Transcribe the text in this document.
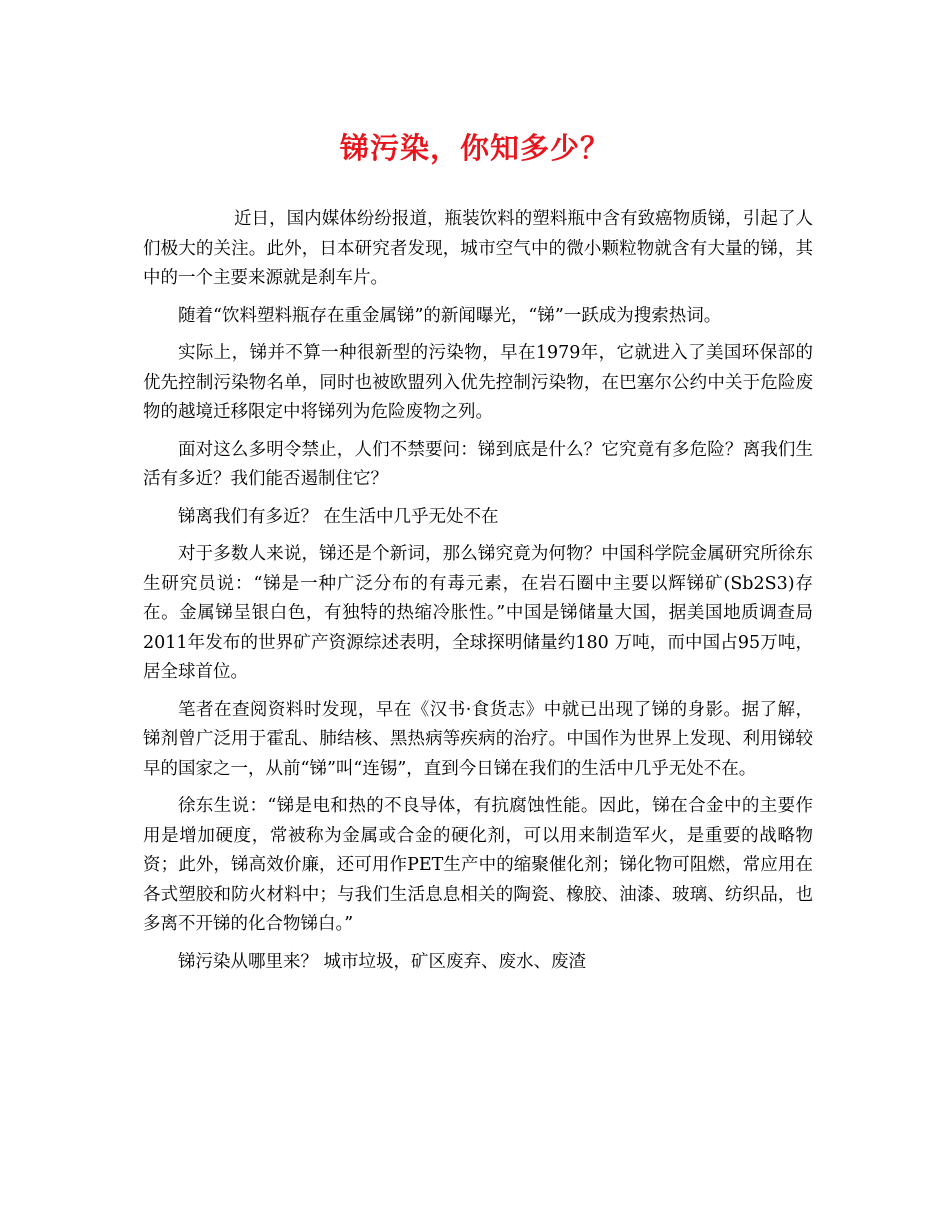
锑污染，你知多少？

近日，国内媒体纷纷报道，瓶装饮料的塑料瓶中含有致癌物质锑，引起了人们极大的关注。此外，日本研究者发现，城市空气中的微小颗粒物就含有大量的锑，其中的一个主要来源就是刹车片。

随着“饮料塑料瓶存在重金属锑”的新闻曝光，“锑”一跃成为搜索热词。

实际上，锑并不算一种很新型的污染物，早在1979年，它就进入了美国环保部的优先控制污染物名单，同时也被欧盟列入优先控制污染物，在巴塞尔公约中关于危险废物的越境迁移限定中将锑列为危险废物之列。

面对这么多明令禁止，人们不禁要问：锑到底是什么？它究竟有多危险？离我们生活有多近？我们能否遏制住它？

锑离我们有多近？ 在生活中几乎无处不在

对于多数人来说，锑还是个新词，那么锑究竟为何物？中国科学院金属研究所徐东生研究员说：“锑是一种广泛分布的有毒元素，在岩石圈中主要以辉锑矿(Sb2S3)存在。金属锑呈银白色，有独特的热缩冷胀性。”中国是锑储量大国，据美国地质调查局2011年发布的世界矿产资源综述表明，全球探明储量约180 万吨，而中国占95万吨，居全球首位。

笔者在查阅资料时发现，早在《汉书·食货志》中就已出现了锑的身影。据了解，锑剂曾广泛用于霍乱、肺结核、黑热病等疾病的治疗。中国作为世界上发现、利用锑较早的国家之一，从前“锑”叫“连锡”，直到今日锑在我们的生活中几乎无处不在。

徐东生说：“锑是电和热的不良导体，有抗腐蚀性能。因此，锑在合金中的主要作用是增加硬度，常被称为金属或合金的硬化剂，可以用来制造军火，是重要的战略物资；此外，锑高效价廉，还可用作PET生产中的缩聚催化剂；锑化物可阻燃，常应用在各式塑胶和防火材料中；与我们生活息息相关的陶瓷、橡胶、油漆、玻璃、纺织品，也多离不开锑的化合物锑白。”

锑污染从哪里来？ 城市垃圾，矿区废弃、废水、废渣
